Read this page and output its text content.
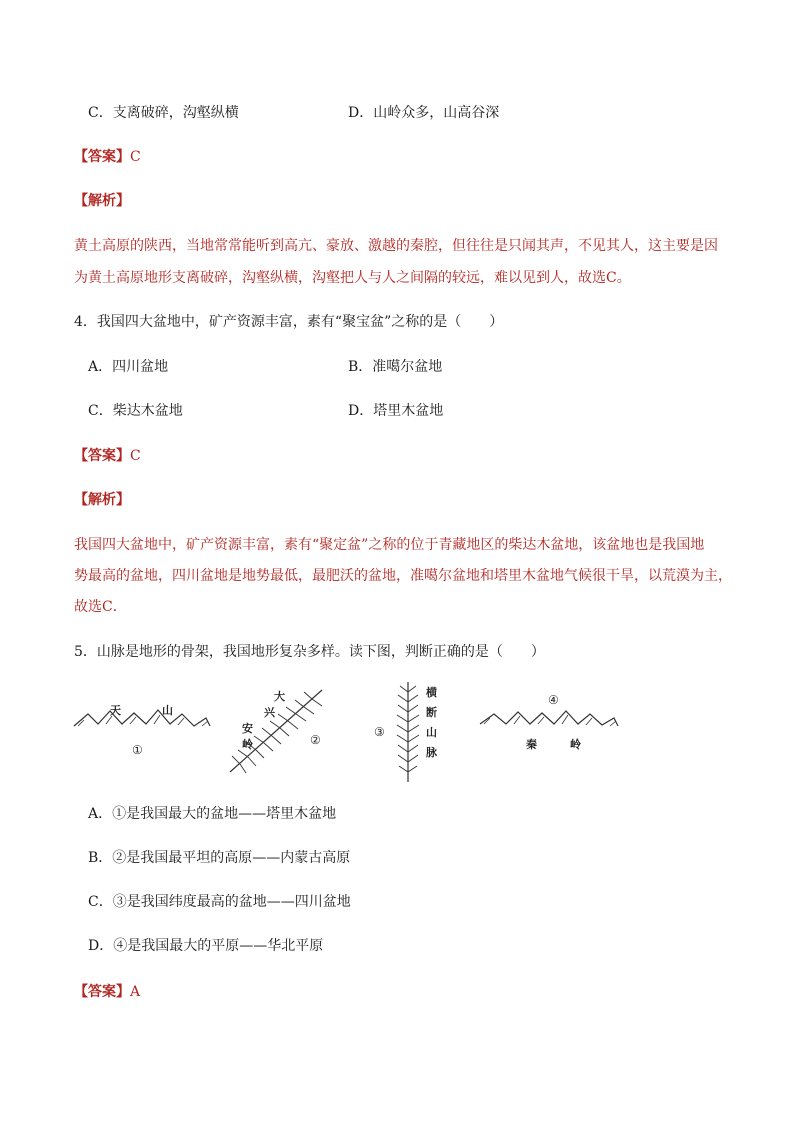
C．支离破碎，沟壑纵横	D．山岭众多，山高谷深
【答案】C
【解析】
黄土高原的陕西，当地常常能听到高亢、豪放、激越的秦腔，但往往是只闻其声，不见其人，这主要是因
为黄土高原地形支离破碎，沟壑纵横，沟壑把人与人之间隔的较远，难以见到人，故选C。
4．我国四大盆地中，矿产资源丰富，素有“聚宝盆”之称的是（　　）
A．四川盆地	B．准噶尔盆地
C．柴达木盆地	D．塔里木盆地
【答案】C
【解析】
我国四大盆地中，矿产资源丰富，素有“聚定盆”之称的位于青藏地区的柴达木盆地，该盆地也是我国地
势最高的盆地，四川盆地是地势最低，最肥沃的盆地，准噶尔盆地和塔里木盆地气候很干旱，以荒漠为主，
故选C．
5．山脉是地形的骨架，我国地形复杂多样。读下图，判断正确的是（　　）
天	山
①
大
兴
安
岭	②
横
断
山
脉
③
④
秦	岭
A．①是我国最大的盆地——塔里木盆地
B．②是我国最平坦的高原——内蒙古高原
C．③是我国纬度最高的盆地——四川盆地
D．④是我国最大的平原——华北平原
【答案】A
